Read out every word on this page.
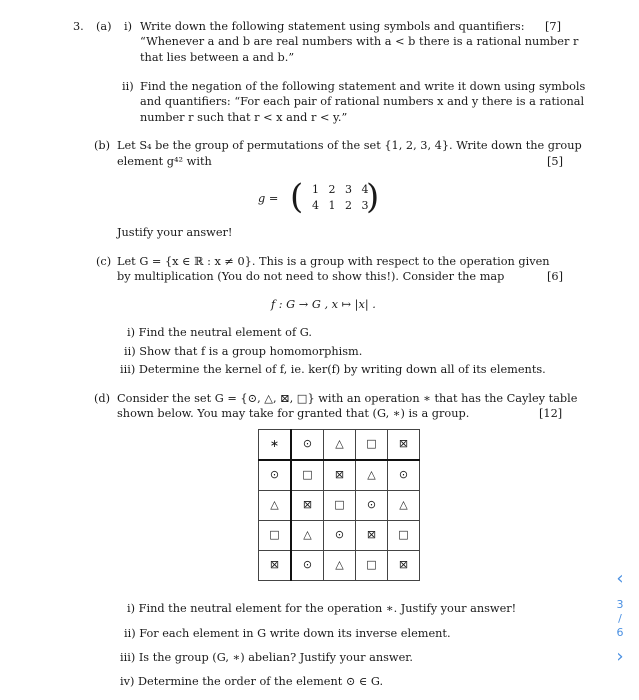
3. (a) i) Write down the following statement using symbols and quantifiers: [7]
“Whenever a and b are real numbers with a < b there is a rational number r
that lies between a and b.”
ii) Find the negation of the following statement and write it down using symbols
and quantifiers: “For each pair of rational numbers x and y there is a rational
number r such that r < x and r < y.”
(b) Let S₄ be the group of permutations of the set {1, 2, 3, 4}. Write down the group
element g⁴² with	[5]
g = ( 1 2 3 4
4 1 2 3
)
Justify your answer!
(c) Let G = {x ∈ ℝ : x ≠ 0}. This is a group with respect to the operation given
by multiplication (You do not need to show this!). Consider the map	[6]
f : G → G , x ↦ |x| .
i) Find the neutral element of G.
ii) Show that f is a group homomorphism.
iii) Determine the kernel of f, ie. ker(f) by writing down all of its elements.
(d) Consider the set G = {⊙, △, ⊠, □} with an operation ∗ that has the Cayley table
shown below. You may take for granted that (G, ∗) is a group.	[12]
∗	⊙	△	□	⊠
⊙	□	⊠	△	⊙
△	⊠	□	⊙	△
□	△	⊙	⊠	□
⊠	⊙	△	□	⊠
i) Find the neutral element for the operation ∗. Justify your answer!
ii) For each element in G write down its inverse element.
iii) Is the group (G, ∗) abelian? Justify your answer.
iv) Determine the order of the element ⊙ ∈ G.
‹
3
/
6
›
